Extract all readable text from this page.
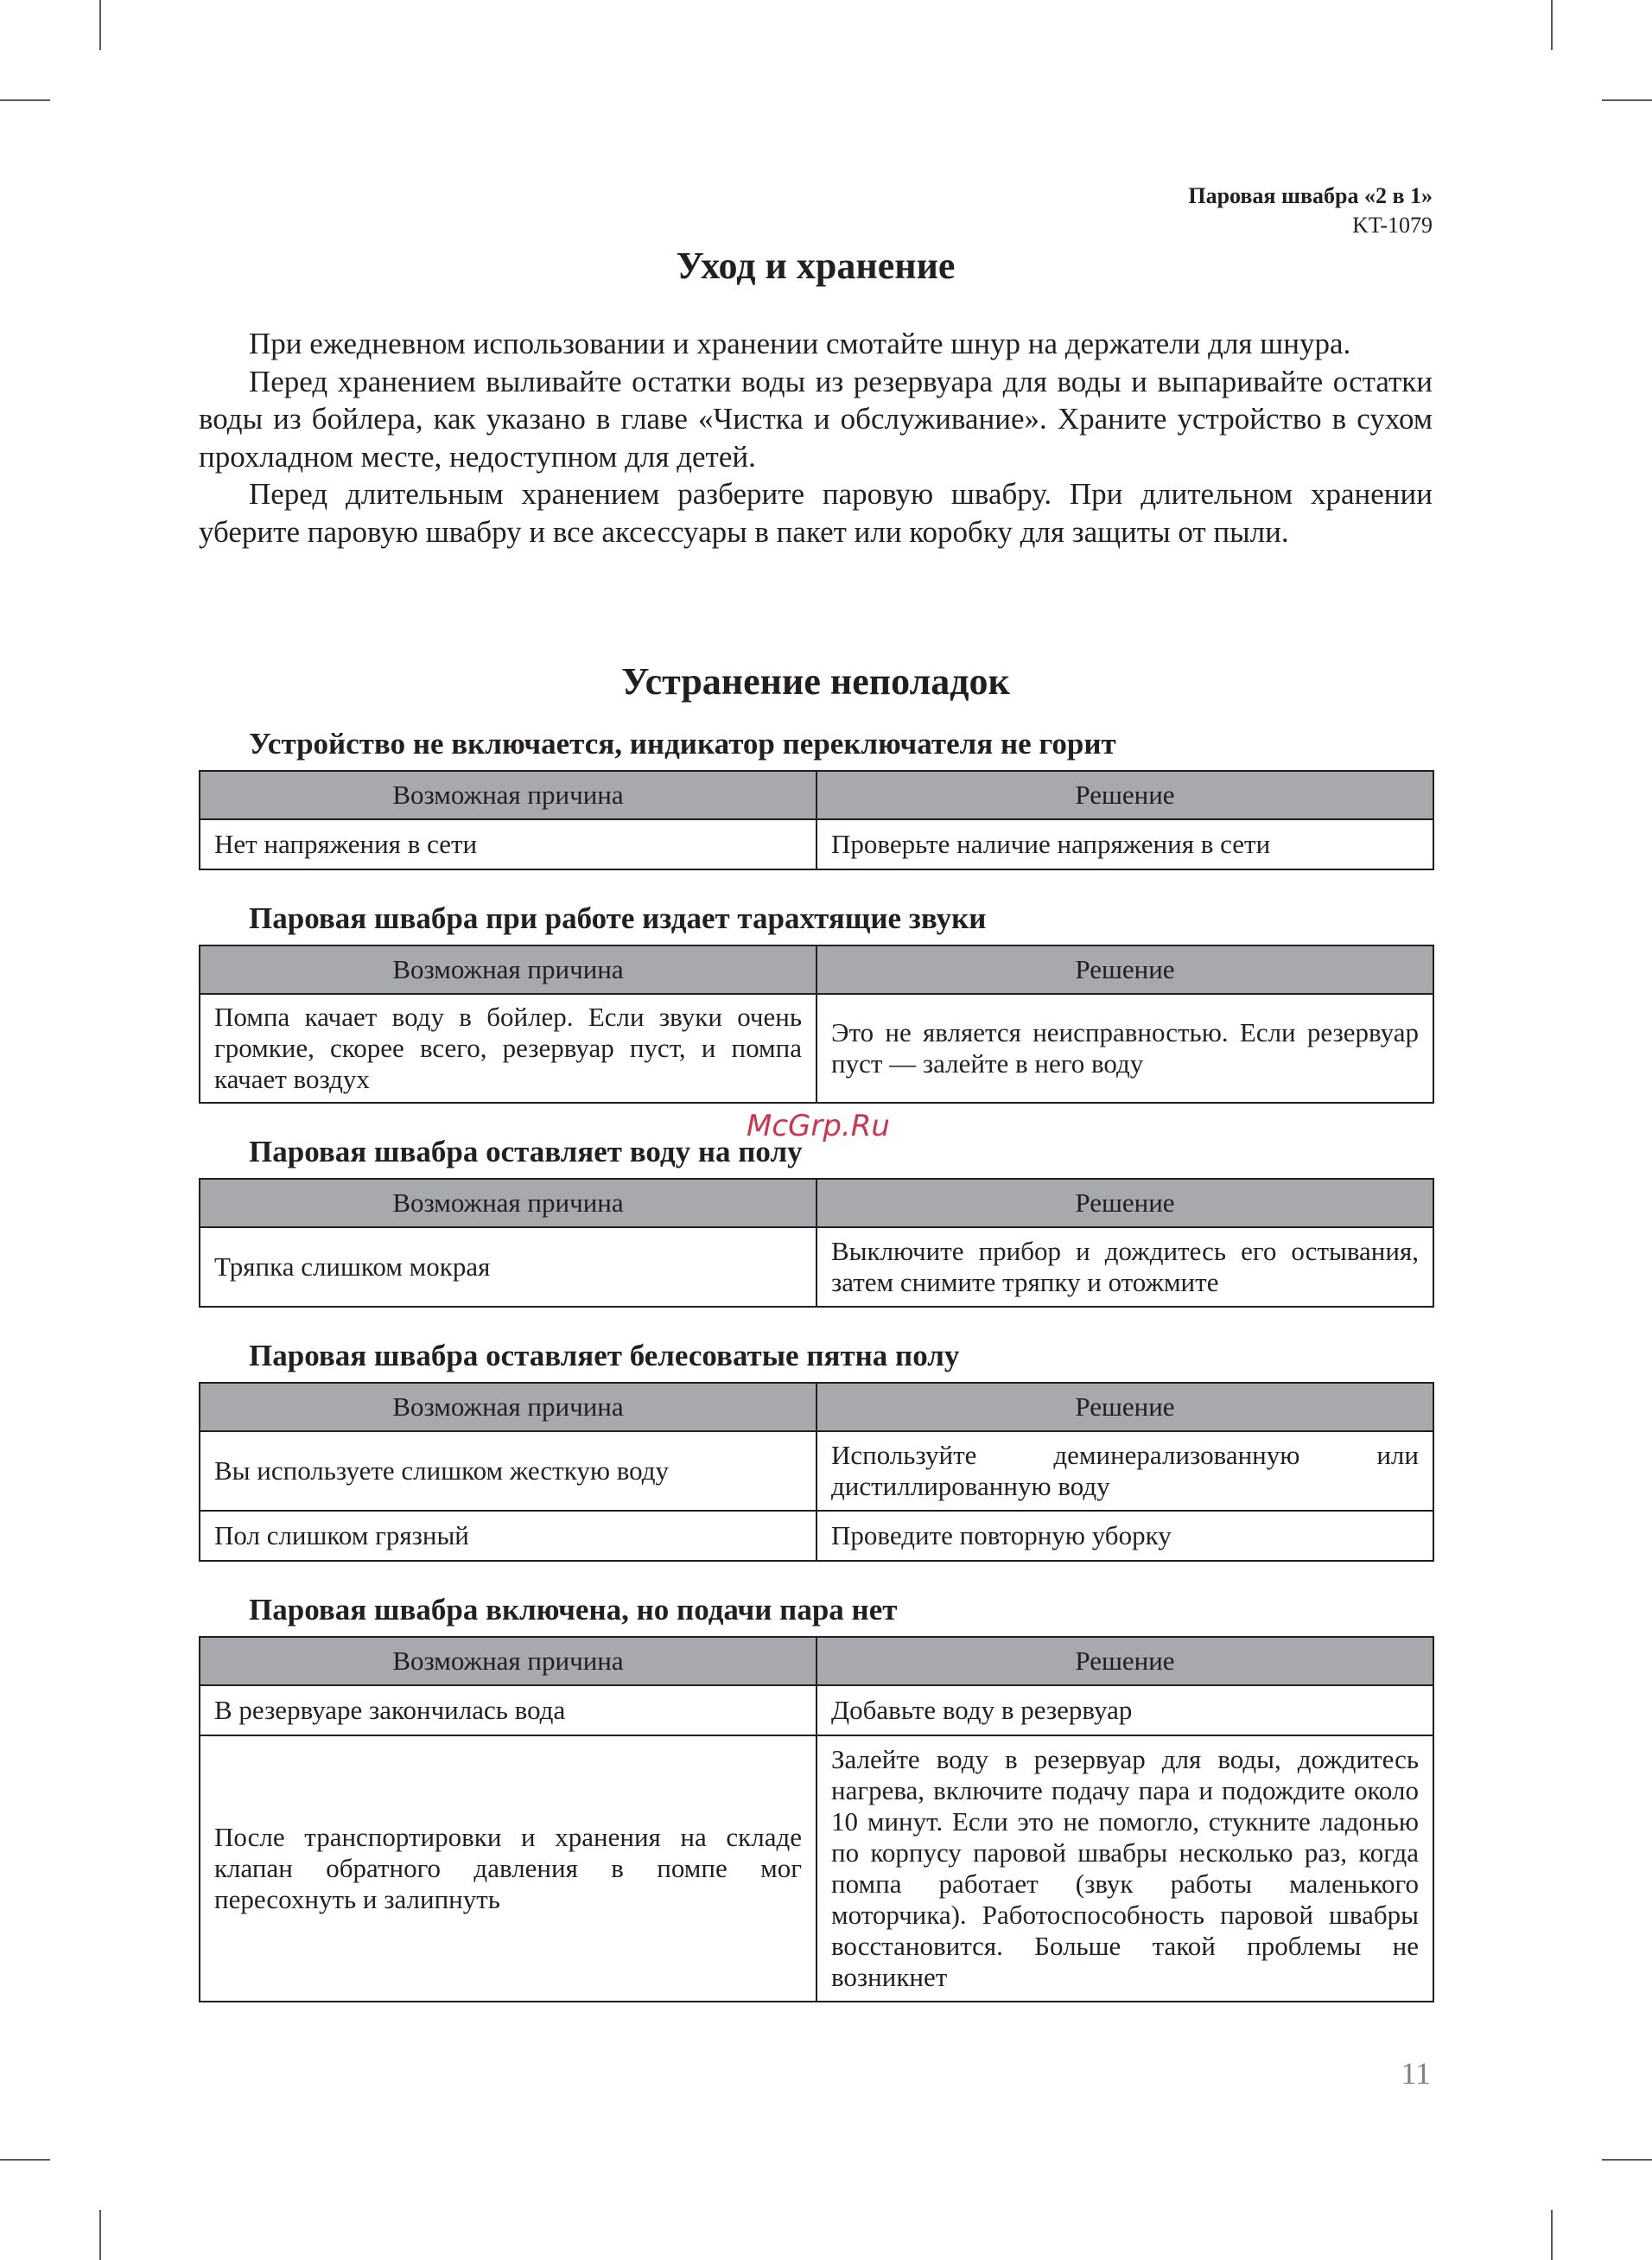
Паровая швабра «2 в 1»
KT-1079
Уход и хранение

При ежедневном использовании и хранении смотайте шнур на держатели для шнура.

Перед хранением выливайте остатки воды из резервуара для воды и выпаривайте остатки воды из бойлера, как указано в главе «Чистка и обслуживание». Храните устройство в сухом прохладном месте, недоступном для детей.

Перед длительным хранением разберите паровую швабру. При длительном хранении уберите паровую швабру и все аксессуары в пакет или коробку для защиты от пыли.

Устранение неполадок
Устройство не включается, индикатор переключателя не горит
Возможная причина	Решение
Нет напряжения в сети	Проверьте наличие напряжения в сети
Паровая швабра при работе издает тарахтящие звуки
Возможная причина	Решение
Помпа качает воду в бойлер. Если звуки очень громкие, скорее всего, резервуар пуст, и помпа качает воздух	Это не является неисправностью. Если резервуар пуст — залейте в него воду
Паровая швабра оставляет воду на полу
Возможная причина	Решение
Тряпка слишком мокрая	Выключите прибор и дождитесь его остывания, затем снимите тряпку и отожмите
Паровая швабра оставляет белесоватые пятна полу
Возможная причина	Решение
Вы используете слишком жесткую воду	Используйте деминерализованную или дистиллированную воду
Пол слишком грязный	Проведите повторную уборку
Паровая швабра включена, но подачи пара нет
Возможная причина	Решение
В резервуаре закончилась вода	Добавьте воду в резервуар
После транспортировки и хранения на складе клапан обратного давления в помпе мог пересохнуть и залипнуть	Залейте воду в резервуар для воды, дождитесь нагрева, включите подачу пара и подождите около 10 минут. Если это не помогло, стукните ладонью по корпусу паровой швабры несколько раз, когда помпа работает (звук работы маленького моторчика). Работоспособность паровой швабры восстановится. Больше такой проблемы не возникнет
McGrp.Ru
11
